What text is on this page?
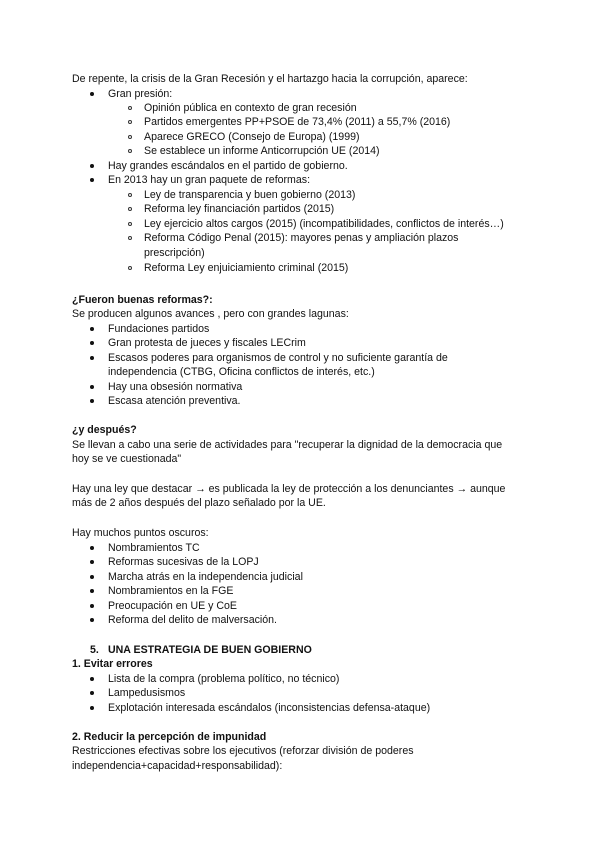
De repente, la crisis de la Gran Recesión y el hartazgo hacia la corrupción, aparece:
Gran presión:
Opinión pública en contexto de gran recesión
Partidos emergentes PP+PSOE de 73,4% (2011) a 55,7% (2016)
Aparece GRECO (Consejo de Europa) (1999)
Se establece un informe Anticorrupción UE (2014)
Hay grandes escándalos en el partido de gobierno.
En 2013 hay un gran paquete de reformas:
Ley de transparencia y buen gobierno (2013)
Reforma ley financiación partidos (2015)
Ley ejercicio altos cargos (2015) (incompatibilidades, conflictos de interés…)
Reforma Código Penal (2015): mayores penas y ampliación plazos
prescripción)
Reforma Ley enjuiciamiento criminal (2015)
¿Fueron buenas reformas?:
Se producen algunos avances , pero con grandes lagunas:
Fundaciones partidos
Gran protesta de jueces y fiscales LECrim
Escasos poderes para organismos de control y no suficiente garantía de
independencia (CTBG, Oficina conflictos de interés, etc.)
Hay una obsesión normativa
Escasa atención preventiva.
¿y después?
Se llevan a cabo una serie de actividades para "recuperar la dignidad de la democracia que
hoy se ve cuestionada"
Hay una ley que destacar → es publicada la ley de protección a los denunciantes → aunque
más de 2 años después del plazo señalado por la UE.
Hay muchos puntos oscuros:
Nombramientos TC
Reformas sucesivas de la LOPJ
Marcha atrás en la independencia judicial
Nombramientos en la FGE
Preocupación en UE y CoE
Reforma del delito de malversación.
5. UNA ESTRATEGIA DE BUEN GOBIERNO
1. Evitar errores
Lista de la compra (problema político, no técnico)
Lampedusismos
Explotación interesada escándalos (inconsistencias defensa-ataque)
2. Reducir la percepción de impunidad
Restricciones efectivas sobre los ejecutivos (reforzar división de poderes
independencia+capacidad+responsabilidad):
